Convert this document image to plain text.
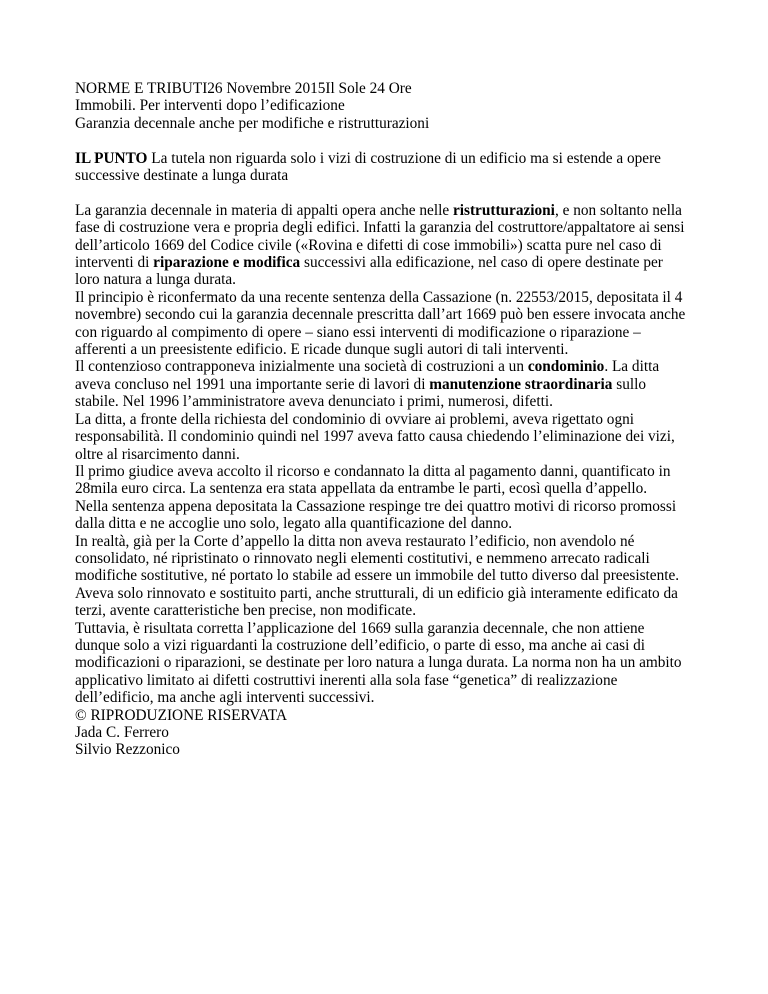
NORME E TRIBUTI26 Novembre 2015Il Sole 24 Ore
Immobili. Per interventi dopo l’edificazione
Garanzia decennale anche per modifiche e ristrutturazioni
IL PUNTO La tutela non riguarda solo i vizi di costruzione di un edificio ma si estende a opere
successive destinate a lunga durata
La garanzia decennale in materia di appalti opera anche nelle ristrutturazioni, e non soltanto nella
fase di costruzione vera e propria degli edifici. Infatti la garanzia del costruttore/appaltatore ai sensi
dell’articolo 1669 del Codice civile («Rovina e difetti di cose immobili») scatta pure nel caso di
interventi di riparazione e modifica successivi alla edificazione, nel caso di opere destinate per
loro natura a lunga durata.
Il principio è riconfermato da una recente sentenza della Cassazione (n. 22553/2015, depositata il 4
novembre) secondo cui la garanzia decennale prescritta dall’art 1669 può ben essere invocata anche
con riguardo al compimento di opere – siano essi interventi di modificazione o riparazione –
afferenti a un preesistente edificio. E ricade dunque sugli autori di tali interventi.
Il contenzioso contrapponeva inizialmente una società di costruzioni a un condominio. La ditta
aveva concluso nel 1991 una importante serie di lavori di manutenzione straordinaria sullo
stabile. Nel 1996 l’amministratore aveva denunciato i primi, numerosi, difetti.
La ditta, a fronte della richiesta del condominio di ovviare ai problemi, aveva rigettato ogni
responsabilità. Il condominio quindi nel 1997 aveva fatto causa chiedendo l’eliminazione dei vizi,
oltre al risarcimento danni.
Il primo giudice aveva accolto il ricorso e condannato la ditta al pagamento danni, quantificato in
28mila euro circa. La sentenza era stata appellata da entrambe le parti, ecosì quella d’appello.
Nella sentenza appena depositata la Cassazione respinge tre dei quattro motivi di ricorso promossi
dalla ditta e ne accoglie uno solo, legato alla quantificazione del danno.
In realtà, già per la Corte d’appello la ditta non aveva restaurato l’edificio, non avendolo né
consolidato, né ripristinato o rinnovato negli elementi costitutivi, e nemmeno arrecato radicali
modifiche sostitutive, né portato lo stabile ad essere un immobile del tutto diverso dal preesistente.
Aveva solo rinnovato e sostituito parti, anche strutturali, di un edificio già interamente edificato da
terzi, avente caratteristiche ben precise, non modificate.
Tuttavia, è risultata corretta l’applicazione del 1669 sulla garanzia decennale, che non attiene
dunque solo a vizi riguardanti la costruzione dell’edificio, o parte di esso, ma anche ai casi di
modificazioni o riparazioni, se destinate per loro natura a lunga durata. La norma non ha un ambito
applicativo limitato ai difetti costruttivi inerenti alla sola fase “genetica” di realizzazione
dell’edificio, ma anche agli interventi successivi.
© RIPRODUZIONE RISERVATA
Jada C. Ferrero
Silvio Rezzonico
